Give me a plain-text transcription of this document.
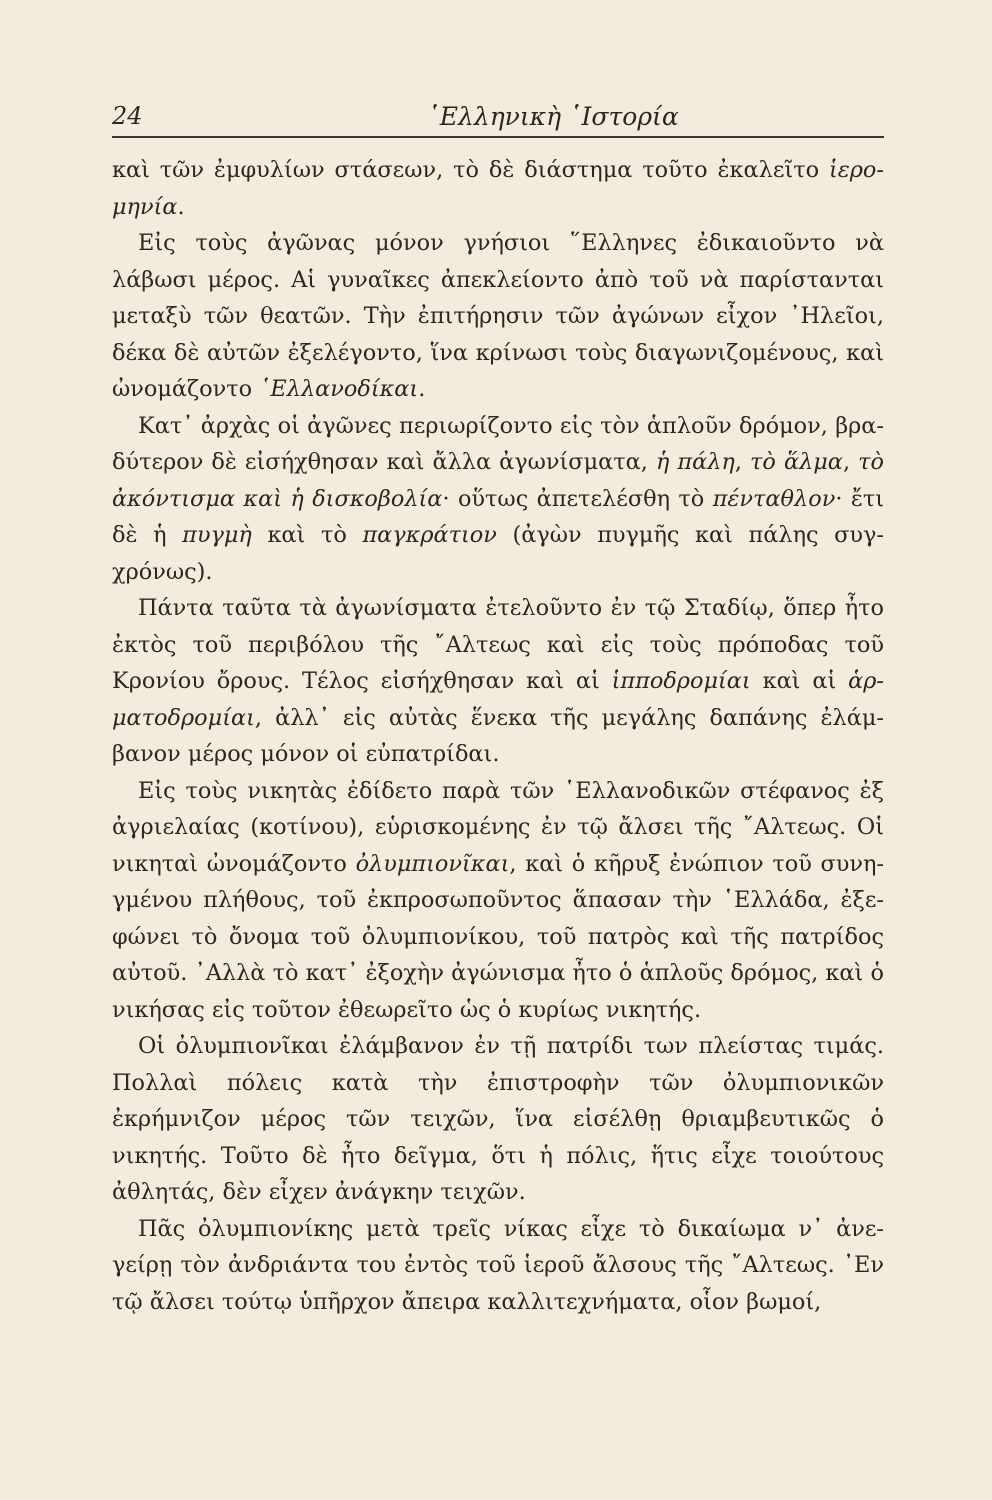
24	῾Ελληνικὴ ῾Ιστορία

καὶ τῶν ἐμφυλίων στάσεων, τὸ δὲ διάστημα τοῦτο ἐκαλεῖτο ἱερομηνία.

Εἰς τοὺς ἀγῶνας μόνον γνήσιοι ῞Ελληνες ἐδικαιοῦντο νὰ λάβωσι μέρος. Αἱ γυναῖκες ἀπεκλείοντο ἀπὸ τοῦ νὰ παρίστανται μεταξὺ τῶν θεατῶν. Τὴν ἐπιτήρησιν τῶν ἀγώνων εἶχον ᾿Ηλεῖοι, δέκα δὲ αὐτῶν ἐξελέγοντο, ἵνα κρίνωσι τοὺς διαγωνιζομένους, καὶ ὠνομάζοντο ῾Ελλανοδίκαι.

Κατ᾿ ἀρχὰς οἱ ἀγῶνες περιωρίζοντο εἰς τὸν ἁπλοῦν δρόμον, βραδύτερον δὲ εἰσήχθησαν καὶ ἄλλα ἀγωνίσματα, ἡ πάλη, τὸ ἅλμα, τὸ ἀκόντισμα καὶ ἡ δισκοβολία· οὕτως ἀπετελέσθη τὸ πένταθλον· ἔτι δὲ ἡ πυγμὴ καὶ τὸ παγκράτιον (ἀγὼν πυγμῆς καὶ πάλης συγχρόνως).

Πάντα ταῦτα τὰ ἀγωνίσματα ἐτελοῦντο ἐν τῷ Σταδίῳ, ὅπερ ἦτο ἐκτὸς τοῦ περιβόλου τῆς ῎Αλτεως καὶ εἰς τοὺς πρόποδας τοῦ Κρονίου ὄρους. Τέλος εἰσήχθησαν καὶ αἱ ἱπποδρομίαι καὶ αἱ ἁρματοδρομίαι, ἀλλ᾿ εἰς αὐτὰς ἕνεκα τῆς μεγάλης δαπάνης ἐλάμβανον μέρος μόνον οἱ εὐπατρίδαι.

Εἰς τοὺς νικητὰς ἐδίδετο παρὰ τῶν ῾Ελλανοδικῶν στέφανος ἐξ ἀγριελαίας (κοτίνου), εὑρισκομένης ἐν τῷ ἄλσει τῆς ῎Αλτεως. Οἱ νικηταὶ ὠνομάζοντο ὀλυμπιονῖκαι, καὶ ὁ κῆρυξ ἐνώπιον τοῦ συνηγμένου πλήθους, τοῦ ἐκπροσωποῦντος ἅπασαν τὴν ῾Ελλάδα, ἐξεφώνει τὸ ὄνομα τοῦ ὀλυμπιονίκου, τοῦ πατρὸς καὶ τῆς πατρίδος αὐτοῦ. ᾿Αλλὰ τὸ κατ᾿ ἐξοχὴν ἀγώνισμα ἦτο ὁ ἁπλοῦς δρόμος, καὶ ὁ νικήσας εἰς τοῦτον ἐθεωρεῖτο ὡς ὁ κυρίως νικητής.

Οἱ ὀλυμπιονῖκαι ἐλάμβανον ἐν τῇ πατρίδι των πλείστας τιμάς. Πολλαὶ πόλεις κατὰ τὴν ἐπιστροφὴν τῶν ὀλυμπιονικῶν ἐκρήμνιζον μέρος τῶν τειχῶν, ἵνα εἰσέλθῃ θριαμβευτικῶς ὁ νικητής. Τοῦτο δὲ ἦτο δεῖγμα, ὅτι ἡ πόλις, ἥτις εἶχε τοιούτους ἀθλητάς, δὲν εἶχεν ἀνάγκην τειχῶν.

Πᾶς ὀλυμπιονίκης μετὰ τρεῖς νίκας εἶχε τὸ δικαίωμα ν᾿ ἀνεγείρῃ τὸν ἀνδριάντα του ἐντὸς τοῦ ἱεροῦ ἄλσους τῆς ῎Αλτεως. ᾿Εν τῷ ἄλσει τούτῳ ὑπῆρχον ἄπειρα καλλιτεχνήματα, οἷον βωμοί,
